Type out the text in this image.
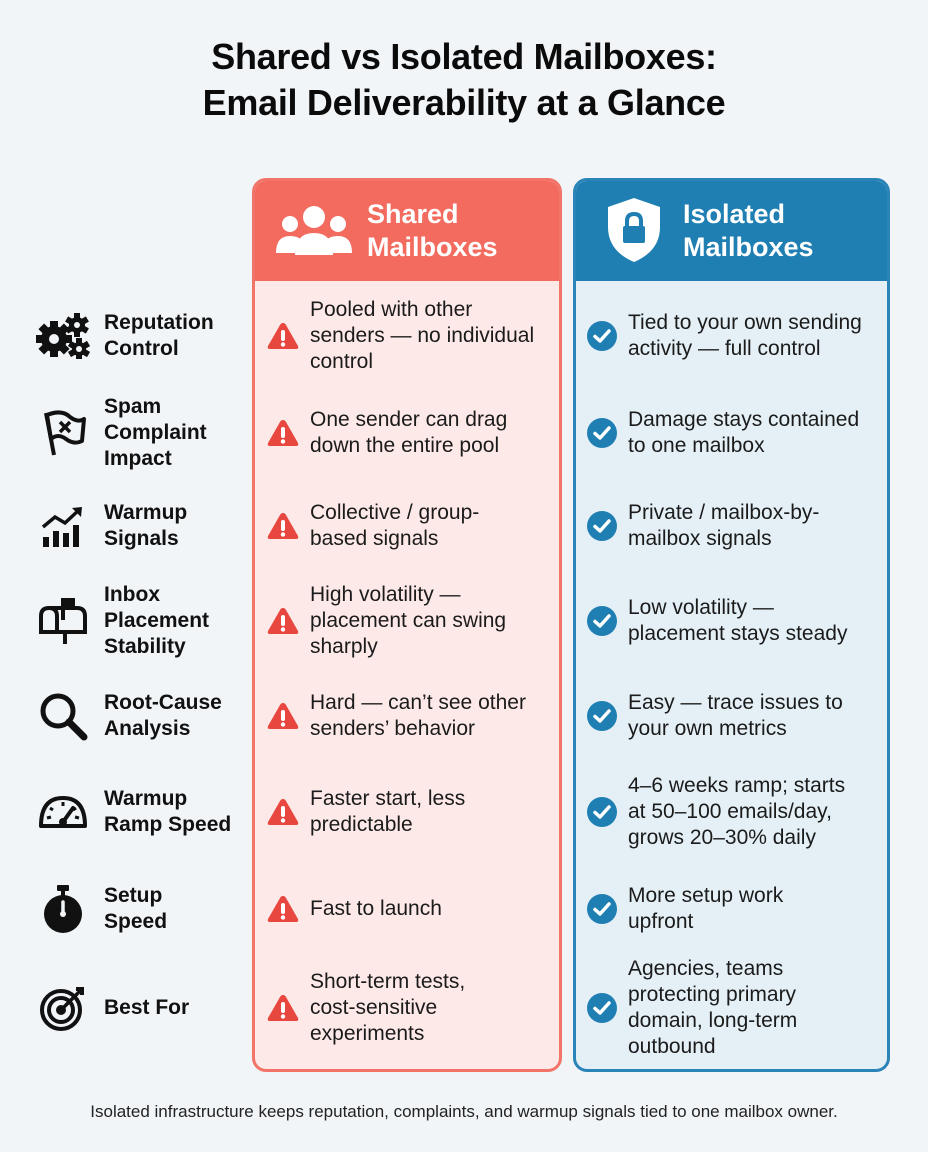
Shared vs Isolated Mailboxes:
Email Deliverability at a Glance
Shared
Mailboxes
Isolated
Mailboxes
Reputation
Control
Pooled with other
senders — no individual
control
Tied to your own sending
activity — full control
Spam
Complaint
Impact
One sender can drag
down the entire pool
Damage stays contained
to one mailbox
Warmup
Signals
Collective / group-
based signals
Private / mailbox-by-
mailbox signals
Inbox
Placement
Stability
High volatility —
placement can swing
sharply
Low volatility —
placement stays steady
Root-Cause
Analysis
Hard — can’t see other
senders’ behavior
Easy — trace issues to
your own metrics
Warmup
Ramp Speed
Faster start, less
predictable
4–6 weeks ramp; starts
at 50–100 emails/day,
grows 20–30% daily
Setup
Speed
Fast to launch
More setup work
upfront
Best For
Short-term tests,
cost-sensitive
experiments
Agencies, teams
protecting primary
domain, long-term
outbound
Isolated infrastructure keeps reputation, complaints, and warmup signals tied to one mailbox owner.
